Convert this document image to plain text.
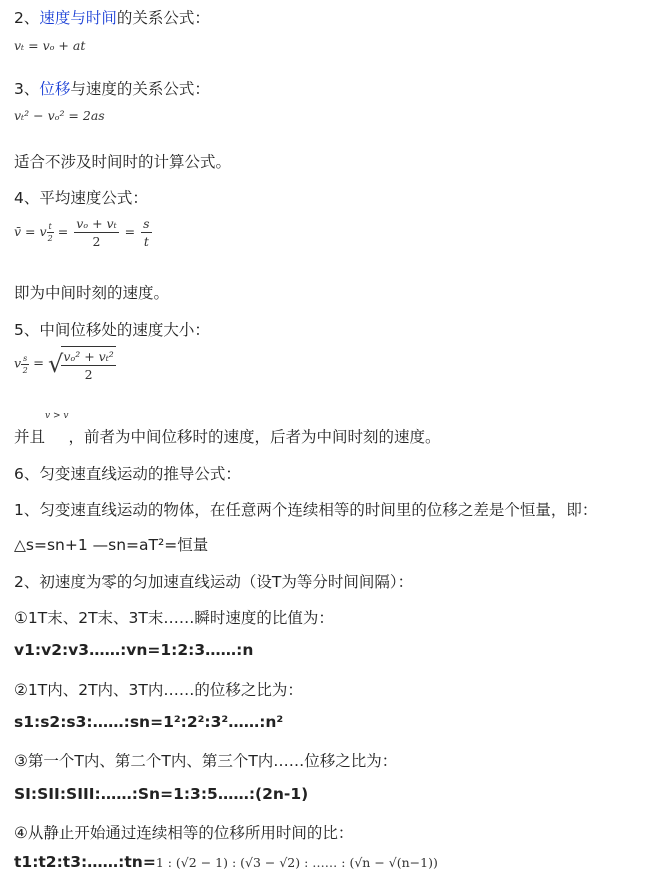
2、速度与时间的关系公式：
vₜ = vₒ + at
3、位移与速度的关系公式：
vₜ² − vₒ² = 2as
适合不涉及时间时的计算公式。
4、平均速度公式：
v̄ = v $\frac{t}{2} = \frac{\text{vₒ + vₜ}}{2} = \frac{s}{t}$
即为中间时刻的速度。
5、中间位移处的速度大小：
v $\frac{s}{2}$ = √
$\frac{\text{vₒ² + vₜ²}}{2}$
并且v > v，前者为中间位移时的速度，后者为中间时刻的速度。
6、匀变速直线运动的推导公式：
1、匀变速直线运动的物体，在任意两个连续相等的时间里的位移之差是个恒量，即：
△s=sn+1 —sn=aT²=恒量
2、初速度为零的匀加速直线运动（设T为等分时间间隔）：
①1T末、2T末、3T末……瞬时速度的比值为：
v1:v2:v3……:vn=1:2:3……:n
②1T内、2T内、3T内……的位移之比为：
s1:s2:s3:……:sn=1²:2²:3²……:n²
③第一个T内、第二个T内、第三个T内……位移之比为：
SI:SII:SIII:……:Sn=1:3:5……:(2n-1)
④从静止开始通过连续相等的位移所用时间的比：
t1:t2:t3:……:tn=1 : (√2 − 1) : (√3 − √2) : …… : (√n − √(n−1))
